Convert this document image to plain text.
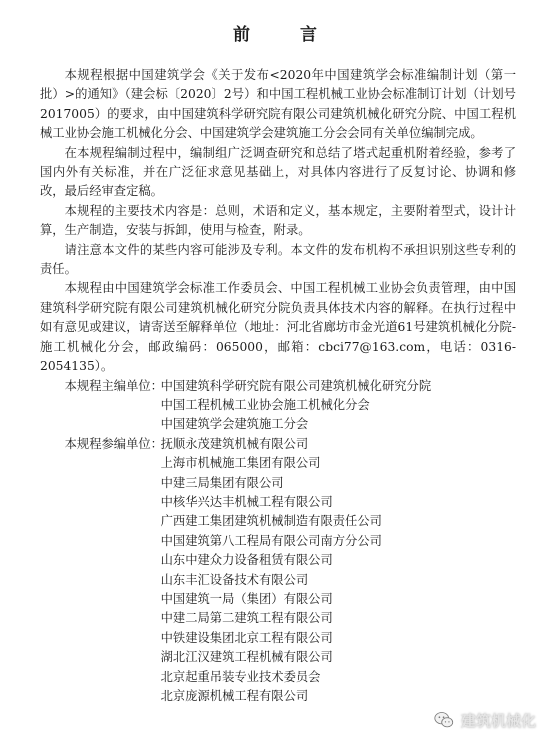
前 言

本规程根据中国建筑学会《关于发布<2020年中国建筑学会标准编制计划（第一批）>的通知》（建会标〔2020〕2号）和中国工程机械工业协会标准制订计划（计划号2017005）的要求，由中国建筑科学研究院有限公司建筑机械化研究分院、中国工程机械工业协会施工机械化分会、中国建筑学会建筑施工分会会同有关单位编制完成。

在本规程编制过程中，编制组广泛调查研究和总结了塔式起重机附着经验，参考了国内外有关标准，并在广泛征求意见基础上，对具体内容进行了反复讨论、协调和修改，最后经审查定稿。

本规程的主要技术内容是：总则，术语和定义，基本规定，主要附着型式，设计计算，生产制造，安装与拆卸，使用与检查，附录。

请注意本文件的某些内容可能涉及专利。本文件的发布机构不承担识别这些专利的责任。

本规程由中国建筑学会标准工作委员会、中国工程机械工业协会负责管理，由中国建筑科学研究院有限公司建筑机械化研究分院负责具体技术内容的解释。在执行过程中如有意见或建议，请寄送至解释单位（地址：河北省廊坊市金光道61号建筑机械化分院-施工机械化分会，邮政编码：065000，邮箱：cbci77@163.com，电话：0316-2054135）。

本规程主编单位：
中国建筑科学研究院有限公司建筑机械化研究分院
中国工程机械工业协会施工机械化分会
中国建筑学会建筑施工分会
本规程参编单位：
抚顺永茂建筑机械有限公司
上海市机械施工集团有限公司
中建三局集团有限公司
中核华兴达丰机械工程有限公司
广西建工集团建筑机械制造有限责任公司
中国建筑第八工程局有限公司南方分公司
山东中建众力设备租赁有限公司
山东丰汇设备技术有限公司
中国建筑一局（集团）有限公司
中建二局第二建筑工程有限公司
中铁建设集团北京工程有限公司
湖北江汉建筑工程机械有限公司
北京起重吊装专业技术委员会
北京庞源机械工程有限公司
建筑机械化
